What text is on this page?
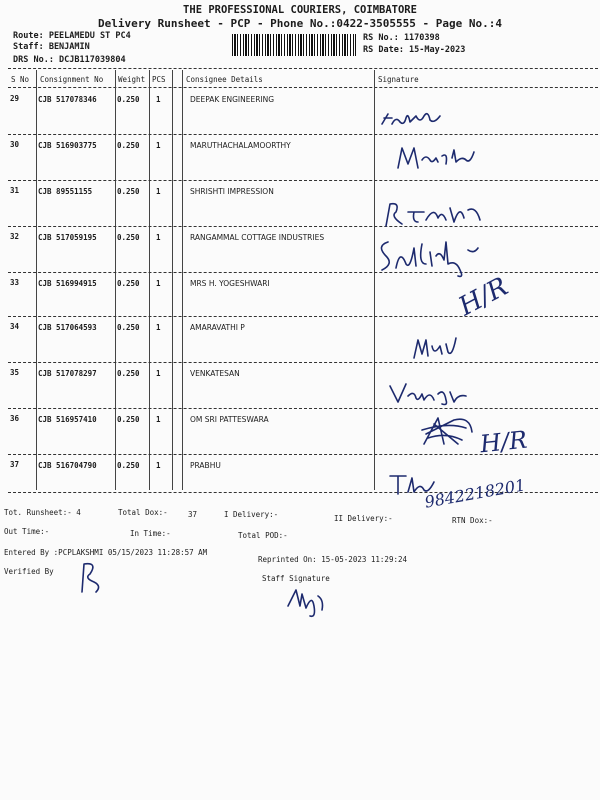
THE PROFESSIONAL COURIERS, COIMBATORE
Delivery Runsheet - PCP - Phone No.:0422-3505555 - Page No.:4
Route: PEELAMEDU ST PC4
Staff: BENJAMIN
DRS No.: DCJB117039804
RS No.: 1170398
RS Date: 15-May-2023
S No Consignment No Weight PCS	Consignee Details	Signature
29	CJB 517078346	0.250 1	DEEPAK ENGINEERING
30	CJB 516903775	0.250 1	MARUTHACHALAMOORTHY
31	CJB 89551155	0.250 1	SHRISHTI IMPRESSION
32	CJB 517059195	0.250 1	RANGAMMAL COTTAGE INDUSTRIES
33	CJB 516994915	0.250 1	MRS H. YOGESHWARI
34	CJB 517064593	0.250 1	AMARAVATHI P
35	CJB 517078297	0.250 1	VENKATESAN
36	CJB 516957410	0.250 1	OM SRI PATTESWARA
37	CJB 516704790	0.250 1	PRABHU
H/R
H/R
9842218201
Tot. Runsheet:- 4	Total Dox:-	37	I Delivery:-	II Delivery:-	RTN Dox:-
Out Time:-	In Time:-	Total POD:-
Entered By :PCPLAKSHMI 05/15/2023 11:28:57 AM
Reprinted On: 15-05-2023 11:29:24
Verified By
Staff Signature
